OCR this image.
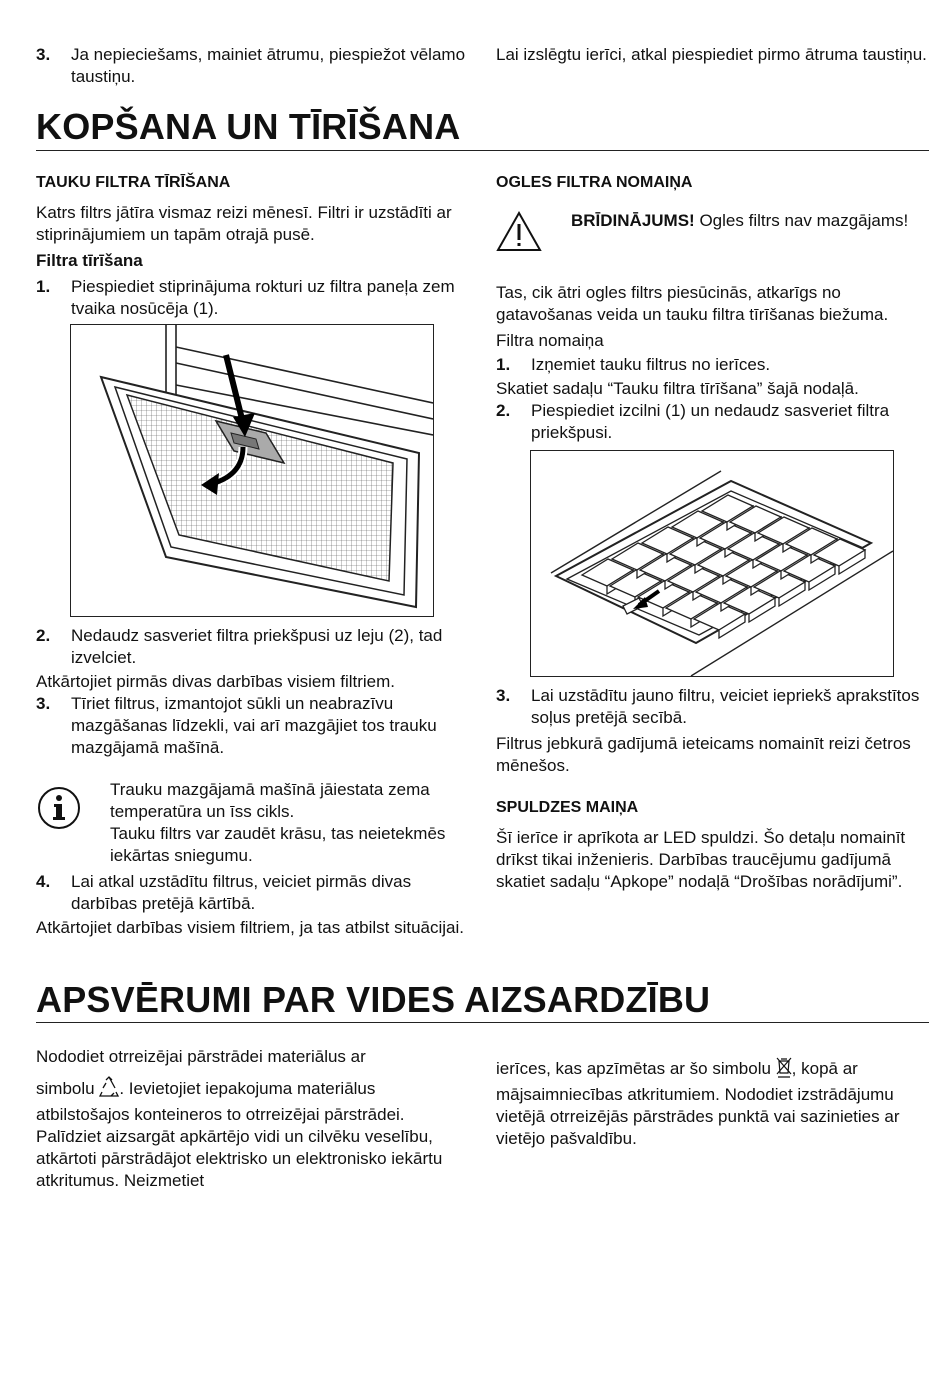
3.	Ja nepieciešams, mainiet ātrumu, piespiežot vēlamo taustiņu.

Lai izslēgtu ierīci, atkal piespiediet pirmo ātruma taustiņu.

KOPŠANA UN TĪRĪŠANA
TAUKU FILTRA TĪRĪŠANA

Katrs filtrs jātīra vismaz reizi mēnesī. Filtri ir uzstādīti ar stiprinājumiem un tapām otrajā pusē.

Filtra tīrīšana

1.	Piespiediet stiprinājuma rokturi uz filtra paneļa zem tvaika nosūcēja (1).
2.	Nedaudz sasveriet filtra priekšpusi uz leju (2), tad izvelciet.

Atkārtojiet pirmās divas darbības visiem filtriem.

3.	Tīriet filtrus, izmantojot sūkli un neabrazīvu mazgāšanas līdzekli, vai arī mazgājiet tos trauku mazgājamā mašīnā.

Trauku mazgājamā mašīnā jāiestata zema temperatūra un īss cikls.

Tauku filtrs var zaudēt krāsu, tas neietekmēs iekārtas sniegumu.

4.	Lai atkal uzstādītu filtrus, veiciet pirmās divas darbības pretējā kārtībā.

Atkārtojiet darbības visiem filtriem, ja tas atbilst situācijai.

OGLES FILTRA NOMAIŅA

BRĪDINĀJUMS! Ogles filtrs nav mazgājams!

Tas, cik ātri ogles filtrs piesūcinās, atkarīgs no gatavošanas veida un tauku filtra tīrīšanas biežuma.

Filtra nomaiņa

1.	Izņemiet tauku filtrus no ierīces.

Skatiet sadaļu “Tauku filtra tīrīšana” šajā nodaļā.

2.	Piespiediet izcilni (1) un nedaudz sasveriet filtra priekšpusi.
3.	Lai uzstādītu jauno filtru, veiciet iepriekš aprakstītos soļus pretējā secībā.

Filtrus jebkurā gadījumā ieteicams nomainīt reizi četros mēnešos.

SPULDZES MAIŅA

Šī ierīce ir aprīkota ar LED spuldzi. Šo detaļu nomainīt drīkst tikai inženieris. Darbības traucējumu gadījumā skatiet sadaļu “Apkope” nodaļā “Drošības norādījumi”.

APSVĒRUMI PAR VIDES AIZSARDZĪBU

Nododiet otrreizējai pārstrādei materiālus ar

simbolu . Ievietojiet iepakojuma materiālus atbilstošajos konteineros to otrreizējai pārstrādei. Palīdziet aizsargāt apkārtējo vidi un cilvēku veselību, atkārtoti pārstrādājot elektrisko un elektronisko iekārtu atkritumus. Neizmetiet

ierīces, kas apzīmētas ar šo simbolu , kopā ar mājsaimniecības atkritumiem. Nododiet izstrādājumu vietējā otrreizējās pārstrādes punktā vai sazinieties ar vietējo pašvaldību.
